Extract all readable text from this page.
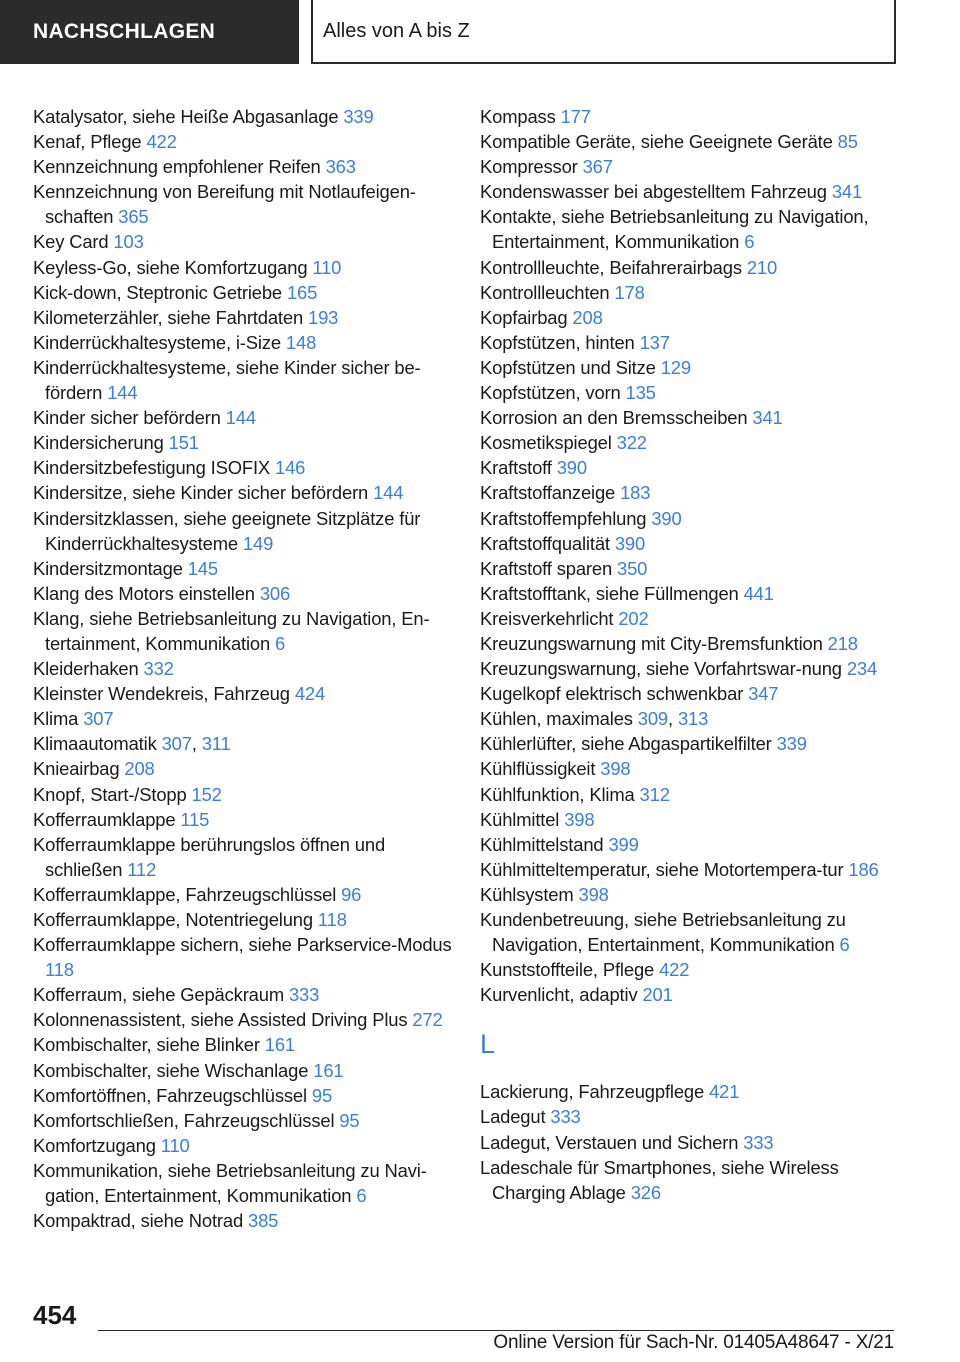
NACHSCHLAGEN	Alles von A bis Z
Katalysator, siehe Heiße Abgasanlage 339
Kenaf, Pflege 422
Kennzeichnung empfohlener Reifen 363
Kennzeichnung von Bereifung mit Notlaufeigen-schaften 365
Key Card 103
Keyless-Go, siehe Komfortzugang 110
Kick-down, Steptronic Getriebe 165
Kilometerzähler, siehe Fahrtdaten 193
Kinderrückhaltesysteme, i-Size 148
Kinderrückhaltesysteme, siehe Kinder sicher be-fördern 144
Kinder sicher befördern 144
Kindersicherung 151
Kindersitzbefestigung ISOFIX 146
Kindersitze, siehe Kinder sicher befördern 144
Kindersitzklassen, siehe geeignete Sitzplätze für Kinderrückhaltesysteme 149
Kindersitzmontage 145
Klang des Motors einstellen 306
Klang, siehe Betriebsanleitung zu Navigation, En-tertainment, Kommunikation 6
Kleiderhaken 332
Kleinster Wendekreis, Fahrzeug 424
Klima 307
Klimaautomatik 307, 311
Knieairbag 208
Knopf, Start-/Stopp 152
Kofferraumklappe 115
Kofferraumklappe berührungslos öffnen und schließen 112
Kofferraumklappe, Fahrzeugschlüssel 96
Kofferraumklappe, Notentriegelung 118
Kofferraumklappe sichern, siehe Parkservice-Modus 118
Kofferraum, siehe Gepäckraum 333
Kolonnenassistent, siehe Assisted Driving Plus 272
Kombischalter, siehe Blinker 161
Kombischalter, siehe Wischanlage 161
Komfortöffnen, Fahrzeugschlüssel 95
Komfortschließen, Fahrzeugschlüssel 95
Komfortzugang 110
Kommunikation, siehe Betriebsanleitung zu Navi-gation, Entertainment, Kommunikation 6
Kompaktrad, siehe Notrad 385
Kompass 177
Kompatible Geräte, siehe Geeignete Geräte 85
Kompressor 367
Kondenswasser bei abgestelltem Fahrzeug 341
Kontakte, siehe Betriebsanleitung zu Navigation, Entertainment, Kommunikation 6
Kontrollleuchte, Beifahrerairbags 210
Kontrollleuchten 178
Kopfairbag 208
Kopfstützen, hinten 137
Kopfstützen und Sitze 129
Kopfstützen, vorn 135
Korrosion an den Bremsscheiben 341
Kosmetikspiegel 322
Kraftstoff 390
Kraftstoffanzeige 183
Kraftstoffempfehlung 390
Kraftstoffqualität 390
Kraftstoff sparen 350
Kraftstofftank, siehe Füllmengen 441
Kreisverkehrlicht 202
Kreuzungswarnung mit City-Bremsfunktion 218
Kreuzungswarnung, siehe Vorfahrtswar-nung 234
Kugelkopf elektrisch schwenkbar 347
Kühlen, maximales 309, 313
Kühlerlüfter, siehe Abgaspartikelfilter 339
Kühlflüssigkeit 398
Kühlfunktion, Klima 312
Kühlmittel 398
Kühlmittelstand 399
Kühlmitteltemperatur, siehe Motortempera-tur 186
Kühlsystem 398
Kundenbetreuung, siehe Betriebsanleitung zu Navigation, Entertainment, Kommunikation 6
Kunststoffteile, Pflege 422
Kurvenlicht, adaptiv 201
L
Lackierung, Fahrzeugpflege 421
Ladegut 333
Ladegut, Verstauen und Sichern 333
Ladeschale für Smartphones, siehe Wireless Charging Ablage 326
454
Online Version für Sach-Nr. 01405A48647 - X/21
